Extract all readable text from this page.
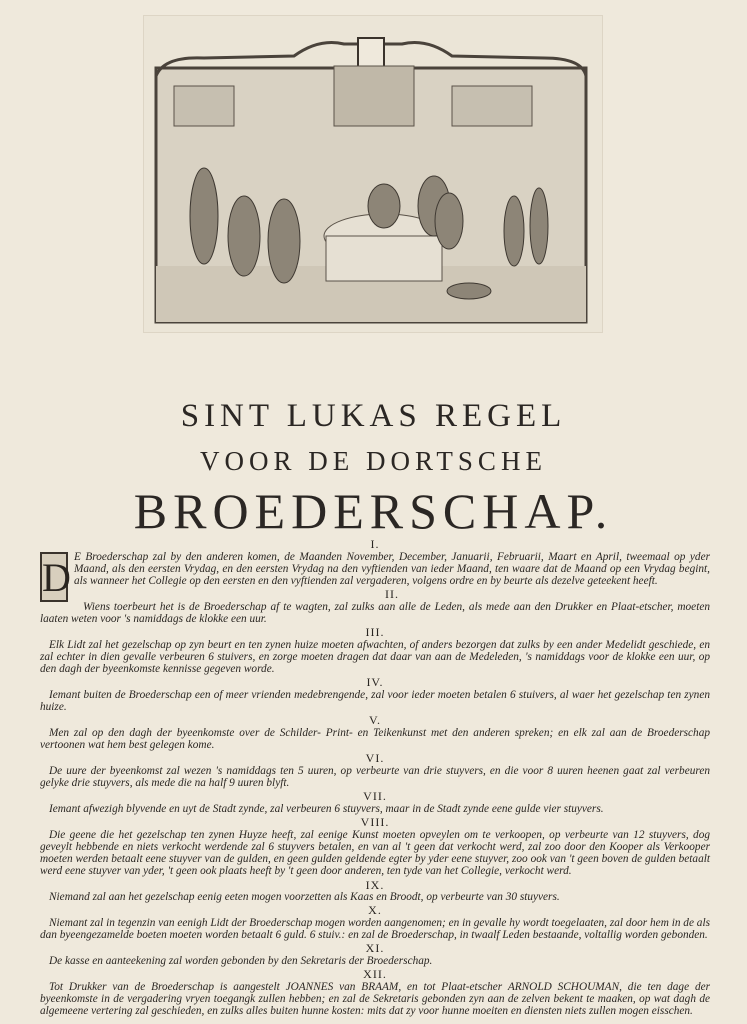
SINT LUKAS REGEL
VOOR DE DORTSCHE
BROEDERSCHAP.
I.

D E Broederschap zal by den anderen komen, de Maanden November, December, Januarii, Februarii, Maart en April, tweemaal op yder Maand, als den eersten Vrydag, en den eersten Vrydag na den vyftienden van ieder Maand, ten waare dat de Maand op een Vrydag begint, als wanneer het Collegie op den eersten en den vyftienden zal vergaderen, volgens ordre en by beurte als dezelve geteekent heeft.

II.

Wiens toerbeurt het is de Broederschap af te wagten, zal zulks aan alle de Leden, als mede aan den Drukker en Plaat-etscher, moeten laaten weten voor 's namiddags de klokke een uur.

III.

Elk Lidt zal het gezelschap op zyn beurt en ten zynen huize moeten afwachten, of anders bezorgen dat zulks by een ander Medelidt geschiede, en zal echter in dien gevalle verbeuren 6 stuivers, en zorge moeten dragen dat daar van aan de Medeleden, 's namiddags voor de klokke een uur, op den dagh der byeenkomste kennisse gegeven worde.

IV.

Iemant buiten de Broederschap een of meer vrienden medebrengende, zal voor ieder moeten betalen 6 stuivers, al waer het gezelschap ten zynen huize.

V.

Men zal op den dagh der byeenkomste over de Schilder- Print- en Teikenkunst met den anderen spreken; en elk zal aan de Broederschap vertoonen wat hem best gelegen kome.

VI.

De uure der byeenkomst zal wezen 's namiddags ten 5 uuren, op verbeurte van drie stuyvers, en die voor 8 uuren heenen gaat zal verbeuren gelyke drie stuyvers, als mede die na half 9 uuren blyft.

VII.

Iemant afwezigh blyvende en uyt de Stadt zynde, zal verbeuren 6 stuyvers, maar in de Stadt zynde eene gulde vier stuyvers.

VIII.

Die geene die het gezelschap ten zynen Huyze heeft, zal eenige Kunst moeten opveylen om te verkoopen, op verbeurte van 12 stuyvers, dog geveylt hebbende en niets verkocht werdende zal 6 stuyvers betalen, en van al 't geen dat verkocht werd, zal zoo door den Kooper als Verkooper moeten werden betaalt eene stuyver van de gulden, en geen gulden geldende egter by yder eene stuyver, zoo ook van 't geen boven de gulden betaalt werd eene stuyver van yder, 't geen ook plaats heeft by 't geen door anderen, ten tyde van het Collegie, verkocht werd.

IX.

Niemand zal aan het gezelschap eenig eeten mogen voorzetten als Kaas en Broodt, op verbeurte van 30 stuyvers.

X.

Niemant zal in tegenzin van eenigh Lidt der Broederschap mogen worden aangenomen; en in gevalle hy wordt toegelaaten, zal door hem in de als dan byeengezamelde boeten moeten worden betaalt 6 guld. 6 stuiv.: en zal de Broederschap, in twaalf Leden bestaande, voltallig worden gebonden.

XI.

De kasse en aanteekening zal worden gebonden by den Sekretaris der Broederschap.

XII.

Tot Drukker van de Broederschap is aangestelt JOANNES van BRAAM, en tot Plaat-etscher ARNOLD SCHOUMAN, die ten dage der byeenkomste in de vergadering vryen toegangk zullen hebben; en zal de Sekretaris gebonden zyn aan de zelven bekent te maaken, op wat dagh de algemeene vertering zal geschieden, en zulks alles buiten hunne kosten: mits dat zy voor hunne moeiten en diensten niets zullen mogen eisschen.
